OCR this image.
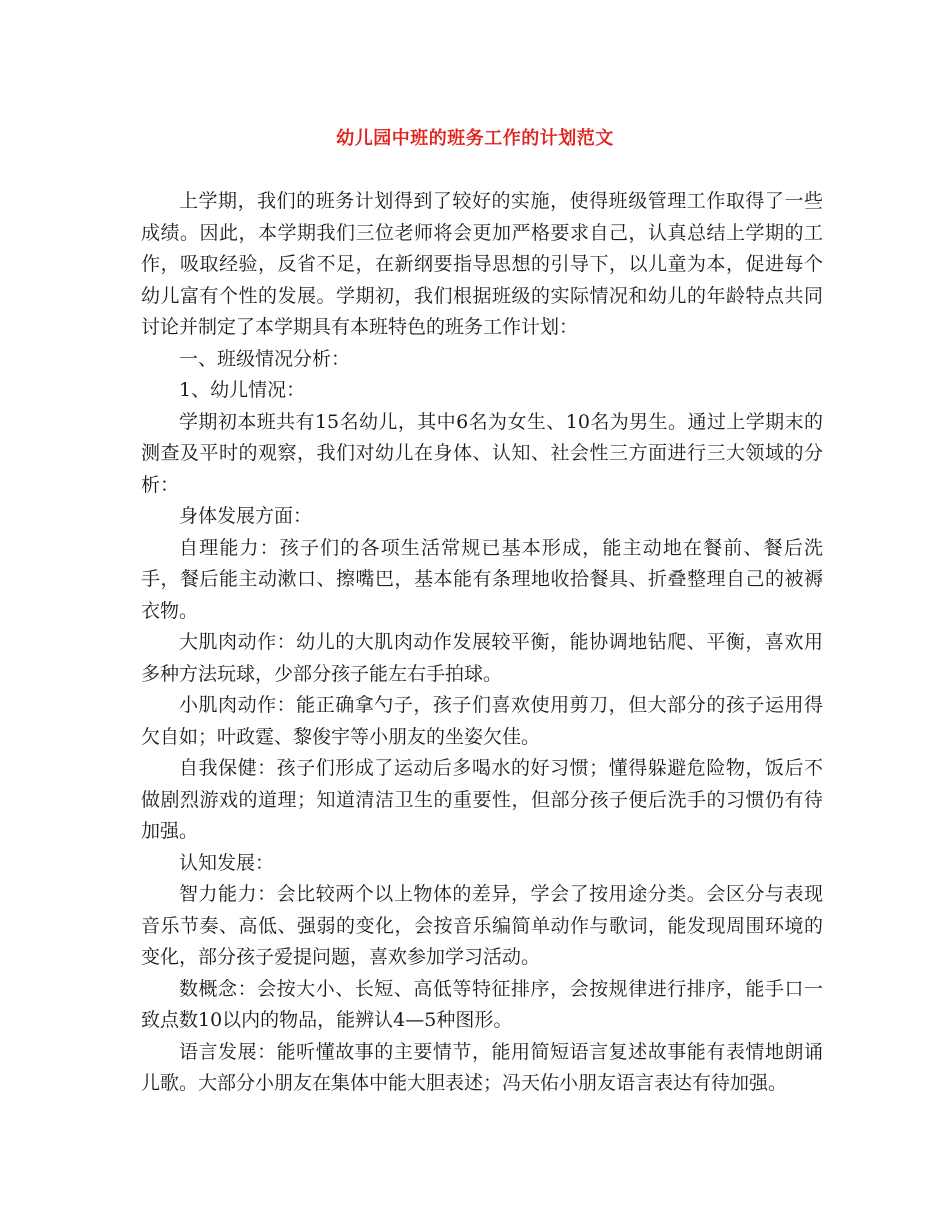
幼儿园中班的班务工作的计划范文

上学期，我们的班务计划得到了较好的实施，使得班级管理工作取得了一些成绩。因此，本学期我们三位老师将会更加严格要求自己，认真总结上学期的工作，吸取经验，反省不足，在新纲要指导思想的引导下，以儿童为本，促进每个幼儿富有个性的发展。学期初，我们根据班级的实际情况和幼儿的年龄特点共同讨论并制定了本学期具有本班特色的班务工作计划：

一、班级情况分析：

1、幼儿情况：

学期初本班共有15名幼儿，其中6名为女生、10名为男生。通过上学期末的测查及平时的观察，我们对幼儿在身体、认知、社会性三方面进行三大领域的分析：

身体发展方面：

自理能力：孩子们的各项生活常规已基本形成，能主动地在餐前、餐后洗手，餐后能主动漱口、擦嘴巴，基本能有条理地收拾餐具、折叠整理自己的被褥衣物。

大肌肉动作：幼儿的大肌肉动作发展较平衡，能协调地钻爬、平衡，喜欢用多种方法玩球，少部分孩子能左右手拍球。

小肌肉动作：能正确拿勺子，孩子们喜欢使用剪刀，但大部分的孩子运用得欠自如；叶政霆、黎俊宇等小朋友的坐姿欠佳。

自我保健：孩子们形成了运动后多喝水的好习惯；懂得躲避危险物，饭后不做剧烈游戏的道理；知道清洁卫生的重要性，但部分孩子便后洗手的习惯仍有待加强。

认知发展：

智力能力：会比较两个以上物体的差异，学会了按用途分类。会区分与表现音乐节奏、高低、强弱的变化，会按音乐编简单动作与歌词，能发现周围环境的变化，部分孩子爱提问题，喜欢参加学习活动。

数概念：会按大小、长短、高低等特征排序，会按规律进行排序，能手口一致点数10以内的物品，能辨认4—5种图形。

语言发展：能听懂故事的主要情节，能用简短语言复述故事能有表情地朗诵儿歌。大部分小朋友在集体中能大胆表述；冯天佑小朋友语言表达有待加强。
